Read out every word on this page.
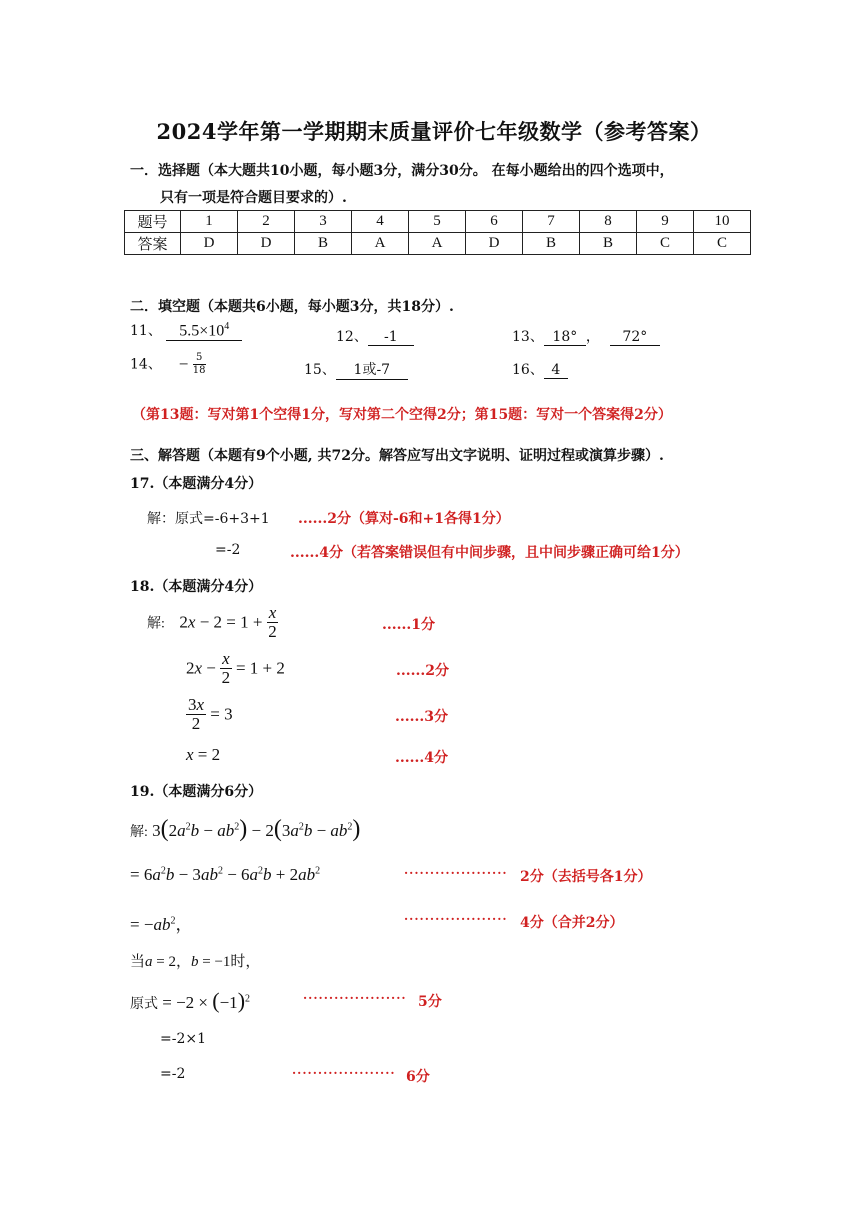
2024学年第一学期期末质量评价七年级数学（参考答案）
一．选择题（本大题共10小题，每小题3分，满分30分。 在每小题给出的四个选项中，
只有一项是符合题目要求的）.
题号	1	2	3	4	5	6	7	8	9	10
答案	D	D	B	A	A	D	B	B	C	C
二．填空题（本题共6小题，每小题3分，共18分）.
11、 $5.5\times 10^4$
12、 -1	13、 18° ， 72°
14、 − $\frac{5}{18}$	15、 1或-7	16、 4
（第13题：写对第1个空得1分，写对第二个空得2分；第15题：写对一个答案得2分）
三、解答题（本题有9个小题, 共72分。解答应写出文字说明、证明过程或演算步骤）.
17.（本题满分4分）
解：原式=-6+3+1 ......2分（算对-6和+1各得1分）
=-2	......4分（若答案错误但有中间步骤，且中间步骤正确可给1分）
18.（本题满分4分）
解: $2x - 2 = 1 + \frac{x}{2}$	......1分
$2x - \frac{x}{2} = 1 + 2$	......2分
$\frac{3x}{2} = 3$	......3分
x = 2	......4分
19.（本题满分6分）
解: $3(2a^2b - ab^2) - 2(3a^2b - ab^2)$
= $6a^2b - 3ab^2 - 6a^2b + 2ab^2$	···················· 2分（去括号各1分）
= $-ab^2$，	···················· 4分（合并2分）
当a = 2，b = −1时，
原式 = $-2 \times (-1)^2$	···················· 5分
=-2×1
=-2	···················· 6分
